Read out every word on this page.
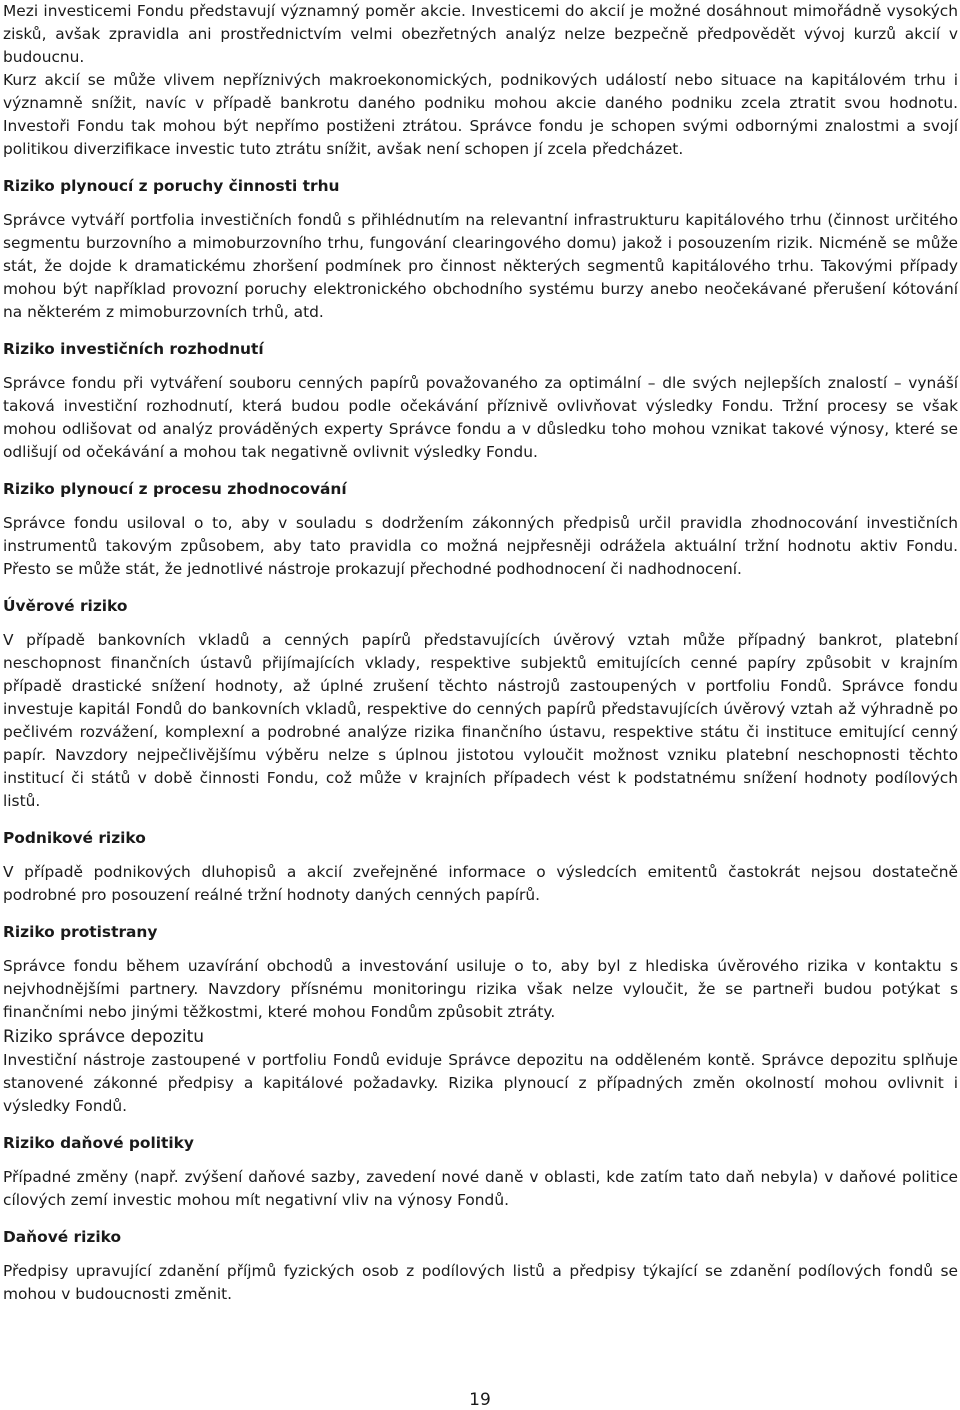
Mezi investicemi Fondu představují významný poměr akcie. Investicemi do akcií je možné dosáhnout mimořádně vysokých zisků, avšak zpravidla ani prostřednictvím velmi obezřetných analýz nelze bezpečně předpovědět vývoj kurzů akcií v budoucnu.

Kurz akcií se může vlivem nepříznivých makroekonomických, podnikových událostí nebo situace na kapitálovém trhu i významně snížit, navíc v případě bankrotu daného podniku mohou akcie daného podniku zcela ztratit svou hodnotu. Investoři Fondu tak mohou být nepřímo postiženi ztrátou. Správce fondu je schopen svými odbornými znalostmi a svojí politikou diverzifikace investic tuto ztrátu snížit, avšak není schopen jí zcela předcházet.

Riziko plynoucí z poruchy činnosti trhu

Správce vytváří portfolia investičních fondů s přihlédnutím na relevantní infrastrukturu kapitálového trhu (činnost určitého segmentu burzovního a mimoburzovního trhu, fungování clearingového domu) jakož i posouzením rizik. Nicméně se může stát, že dojde k dramatickému zhoršení podmínek pro činnost některých segmentů kapitálového trhu. Takovými případy mohou být například provozní poruchy elektronického obchodního systému burzy anebo neočekávané přerušení kótování na některém z mimoburzovních trhů, atd.

Riziko investičních rozhodnutí

Správce fondu při vytváření souboru cenných papírů považovaného za optimální – dle svých nejlepších znalostí – vynáší taková investiční rozhodnutí, která budou podle očekávání příznivě ovlivňovat výsledky Fondu. Tržní procesy se však mohou odlišovat od analýz prováděných experty Správce fondu a v důsledku toho mohou vznikat takové výnosy, které se odlišují od očekávání a mohou tak negativně ovlivnit výsledky Fondu.

Riziko plynoucí z procesu zhodnocování

Správce fondu usiloval o to, aby v souladu s dodržením zákonných předpisů určil pravidla zhodnocování investičních instrumentů takovým způsobem, aby tato pravidla co možná nejpřesněji odrážela aktuální tržní hodnotu aktiv Fondu. Přesto se může stát, že jednotlivé nástroje prokazují přechodné podhodnocení či nadhodnocení.

Úvěrové riziko

V případě bankovních vkladů a cenných papírů představujících úvěrový vztah může případný bankrot, platební neschopnost finančních ústavů přijímajících vklady, respektive subjektů emitujících cenné papíry způsobit v krajním případě drastické snížení hodnoty, až úplné zrušení těchto nástrojů zastoupených v portfoliu Fondů. Správce fondu investuje kapitál Fondů do bankovních vkladů, respektive do cenných papírů představujících úvěrový vztah až výhradně po pečlivém rozvážení, komplexní a podrobné analýze rizika finančního ústavu, respektive státu či instituce emitující cenný papír. Navzdory nejpečlivějšímu výběru nelze s úplnou jistotou vyloučit možnost vzniku platební neschopnosti těchto institucí či států v době činnosti Fondu, což může v krajních případech vést k podstatnému snížení hodnoty podílových listů.

Podnikové riziko

V případě podnikových dluhopisů a akcií zveřejněné informace o výsledcích emitentů častokrát nejsou dostatečně podrobné pro posouzení reálné tržní hodnoty daných cenných papírů.

Riziko protistrany

Správce fondu během uzavírání obchodů a investování usiluje o to, aby byl z hlediska úvěrového rizika v kontaktu s nejvhodnějšími partnery. Navzdory přísnému monitoringu rizika však nelze vyloučit, že se partneři budou potýkat s finančními nebo jinými těžkostmi, které mohou Fondům způsobit ztráty.

Riziko správce depozitu

Investiční nástroje zastoupené v portfoliu Fondů eviduje Správce depozitu na odděleném kontě. Správce depozitu splňuje stanovené zákonné předpisy a kapitálové požadavky. Rizika plynoucí z případných změn okolností mohou ovlivnit i výsledky Fondů.

Riziko daňové politiky

Případné změny (např. zvýšení daňové sazby, zavedení nové daně v oblasti, kde zatím tato daň nebyla) v daňové politice cílových zemí investic mohou mít negativní vliv na výnosy Fondů.

Daňové riziko

Předpisy upravující zdanění příjmů fyzických osob z podílových listů a předpisy týkající se zdanění podílových fondů se mohou v budoucnosti změnit.

19
